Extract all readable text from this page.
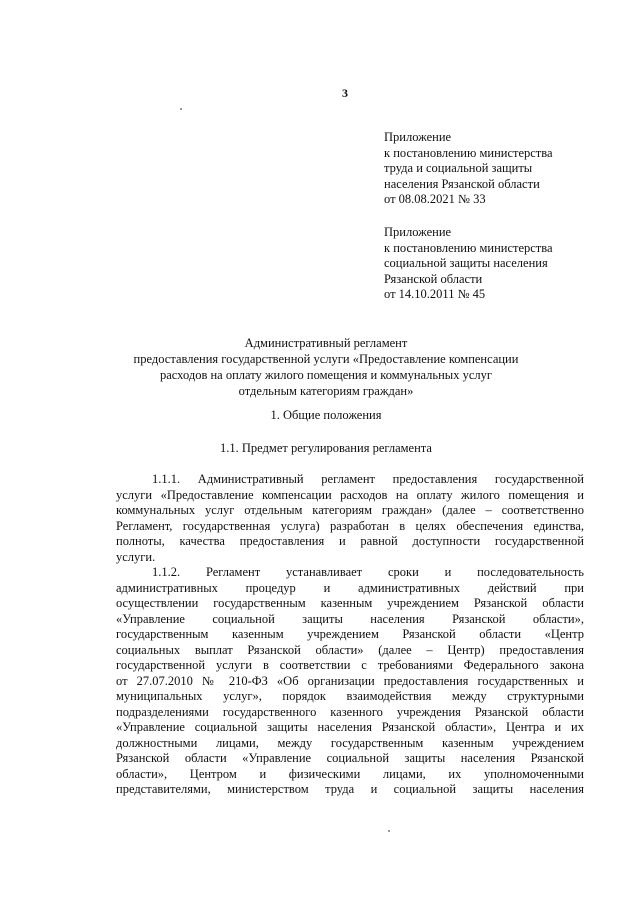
3
Приложение
к постановлению министерства
труда и социальной защиты
населения Рязанской области
от 08.08.2021 № 33
Приложение
к постановлению министерства
социальной защиты населения
Рязанской области
от 14.10.2011 № 45
Административный регламент
предоставления государственной услуги «Предоставление компенсации
расходов на оплату жилого помещения и коммунальных услуг
отдельным категориям граждан»
1. Общие положения
1.1. Предмет регулирования регламента
1.1.1. Административный регламент предоставления государственной
услуги «Предоставление компенсации расходов на оплату жилого помещения и
коммунальных услуг отдельным категориям граждан» (далее – соответственно
Регламент, государственная услуга) разработан в целях обеспечения единства,
полноты, качества предоставления и равной доступности государственной
услуги.
1.1.2. Регламент устанавливает сроки и последовательность
административных процедур и административных действий при
осуществлении государственным казенным учреждением Рязанской области
«Управление социальной защиты населения Рязанской области»,
государственным казенным учреждением Рязанской области «Центр
социальных выплат Рязанской области» (далее – Центр) предоставления
государственной услуги в соответствии с требованиями Федерального закона
от 27.07.2010 № 210-ФЗ «Об организации предоставления государственных и
муниципальных услуг», порядок взаимодействия между структурными
подразделениями государственного казенного учреждения Рязанской области
«Управление социальной защиты населения Рязанской области», Центра и их
должностными лицами, между государственным казенным учреждением
Рязанской области «Управление социальной защиты населения Рязанской
области», Центром и физическими лицами, их уполномоченными
представителями, министерством труда и социальной защиты населения
